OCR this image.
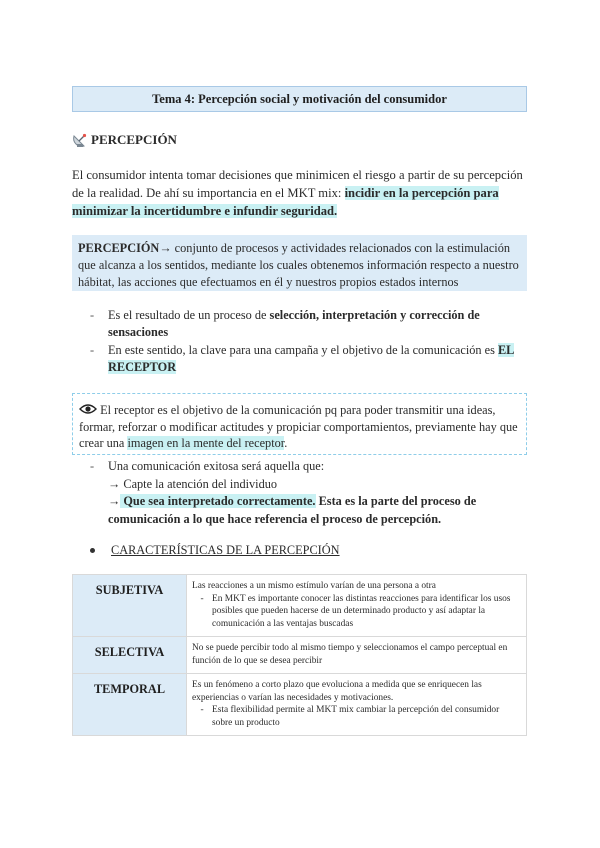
Tema 4: Percepción social y motivación del consumidor
PERCEPCIÓN
El consumidor intenta tomar decisiones que minimicen el riesgo a partir de su percepción de la realidad. De ahí su importancia en el MKT mix: incidir en la percepción para minimizar la incertidumbre e infundir seguridad.
PERCEPCIÓN→ conjunto de procesos y actividades relacionados con la estimulación que alcanza a los sentidos, mediante los cuales obtenemos información respecto a nuestro hábitat, las acciones que efectuamos en él y nuestros propios estados internos
-	Es el resultado de un proceso de selección, interpretación y corrección de sensaciones
-	En este sentido, la clave para una campaña y el objetivo de la comunicación es EL RECEPTOR
El receptor es el objetivo de la comunicación pq para poder transmitir una ideas, formar, reforzar o modificar actitudes y propiciar comportamientos, previamente hay que crear una imagen en la mente del receptor.
-	Una comunicación exitosa será aquella que:
→ Capte la atención del individuo
→ Que sea interpretado correctamente. Esta es la parte del proceso de comunicación a lo que hace referencia el proceso de percepción.
CARACTERÍSTICAS DE LA PERCEPCIÓN
SUBJETIVA	Las reacciones a un mismo estímulo varían de una persona a otra
- En MKT es importante conocer las distintas reacciones para identificar los usos posibles que pueden hacerse de un determinado producto y así adaptar la comunicación a las ventajas buscadas

SELECTIVA	No se puede percibir todo al mismo tiempo y seleccionamos el campo perceptual en función de lo que se desea percibir

TEMPORAL	Es un fenómeno a corto plazo que evoluciona a medida que se enriquecen las experiencias o varían las necesidades y motivaciones.
- Esta flexibilidad permite al MKT mix cambiar la percepción del consumidor sobre un producto
